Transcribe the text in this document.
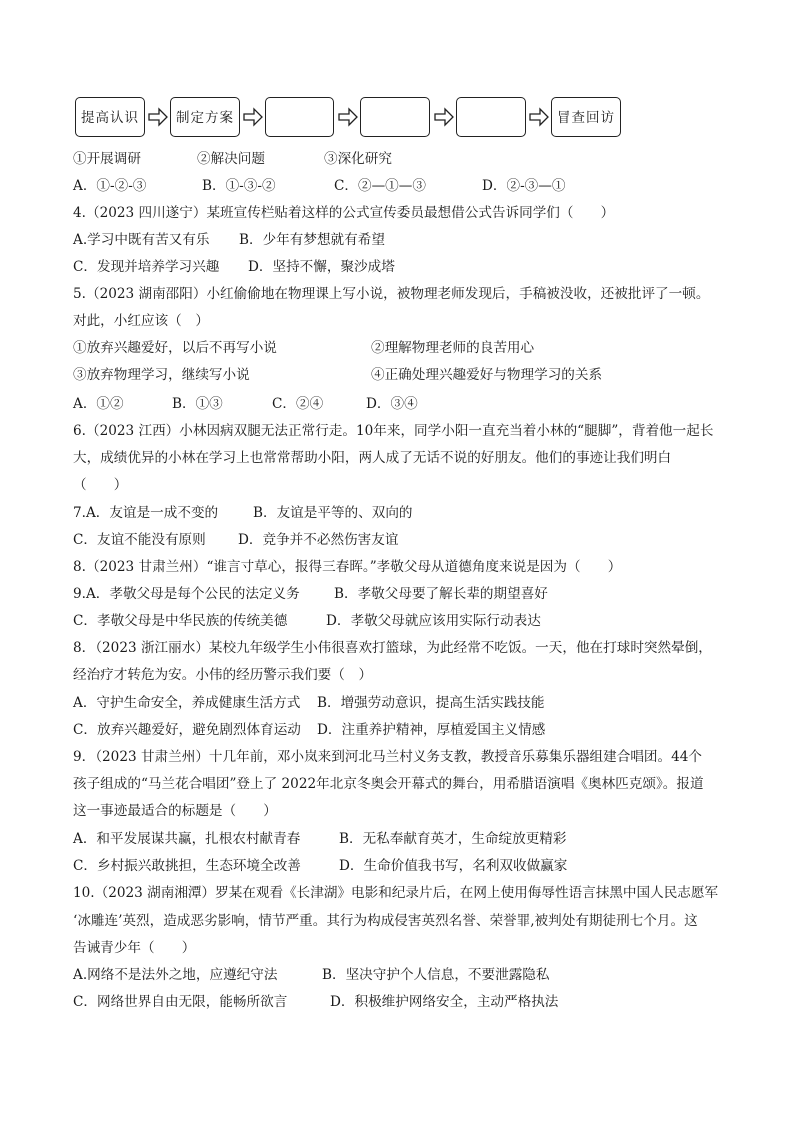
提高认识	制定方案	冒查回访
①开展调研	②解决问题	③深化研究
A．①-②-③	B．①-③-②	C．②—①—③	D．②-③—①
4.（2023 四川遂宁）某班宣传栏贴着这样的公式宣传委员最想借公式告诉同学们（　　）
A.学习中既有苦又有乐 B．少年有梦想就有希望
C．发现并培养学习兴趣 D．坚持不懈，聚沙成塔
5.（2023 湖南邵阳）小红偷偷地在物理课上写小说，被物理老师发现后，手稿被没收，还被批评了一顿。
对此，小红应该（　）
①放弃兴趣爱好，以后不再写小说	②理解物理老师的良苦用心
③放弃物理学习，继续写小说	④正确处理兴趣爱好与物理学习的关系
A．①②	B．①③	C．②④	D．③④
6.（2023 江西）小林因病双腿无法正常行走。10年来，同学小阳一直充当着小林的“腿脚”，背着他一起长
大，成绩优异的小林在学习上也常常帮助小阳，两人成了无话不说的好朋友。他们的事迹让我们明白
（　　）
7.A．友谊是一成不变的	B．友谊是平等的、双向的
C．友谊不能没有原则 D．竞争并不必然伤害友谊
8.（2023 甘肃兰州）“谁言寸草心，报得三春晖。”孝敬父母从道德角度来说是因为（　　）
9.A．孝敬父母是每个公民的法定义务	B．孝敬父母要了解长辈的期望喜好
C．孝敬父母是中华民族的传统美德	D．孝敬父母就应该用实际行动表达
8．（2023 浙江丽水）某校九年级学生小伟很喜欢打篮球，为此经常不吃饭。一天，他在打球时突然晕倒，
经治疗才转危为安。小伟的经历警示我们要（　）
A．守护生命安全，养成健康生活方式 B．增强劳动意识，提高生活实践技能
C．放弃兴趣爱好，避免剧烈体育运动 D．注重养护精神，厚植爱国主义情感
9．（2023 甘肃兰州）十几年前，邓小岚来到河北马兰村义务支教，教授音乐募集乐器组建合唱团。44个
孩子组成的“马兰花合唱团”登上了 2022年北京冬奥会开幕式的舞台，用希腊语演唱《奥林匹克颂》。报道
这一事迹最适合的标题是（　　）
A．和平发展谋共赢，扎根农村献青春	B．无私奉献育英才，生命绽放更精彩
C．乡村振兴敢挑担，生态环境全改善	D．生命价值我书写，名利双收做赢家
10.（2023 湖南湘潭）罗某在观看《长津湖》电影和纪录片后，在网上使用侮辱性语言抹黑中国人民志愿军
‘冰雕连’英烈，造成恶劣影响，情节严重。其行为构成侵害英烈名誉、荣誉罪,被判处有期徒刑七个月。这
告诫青少年（　　）
A.网络不是法外之地，应遵纪守法	B．坚决守护个人信息，不要泄露隐私
C．网络世界自由无限，能畅所欲言	D．积极维护网络安全，主动严格执法
